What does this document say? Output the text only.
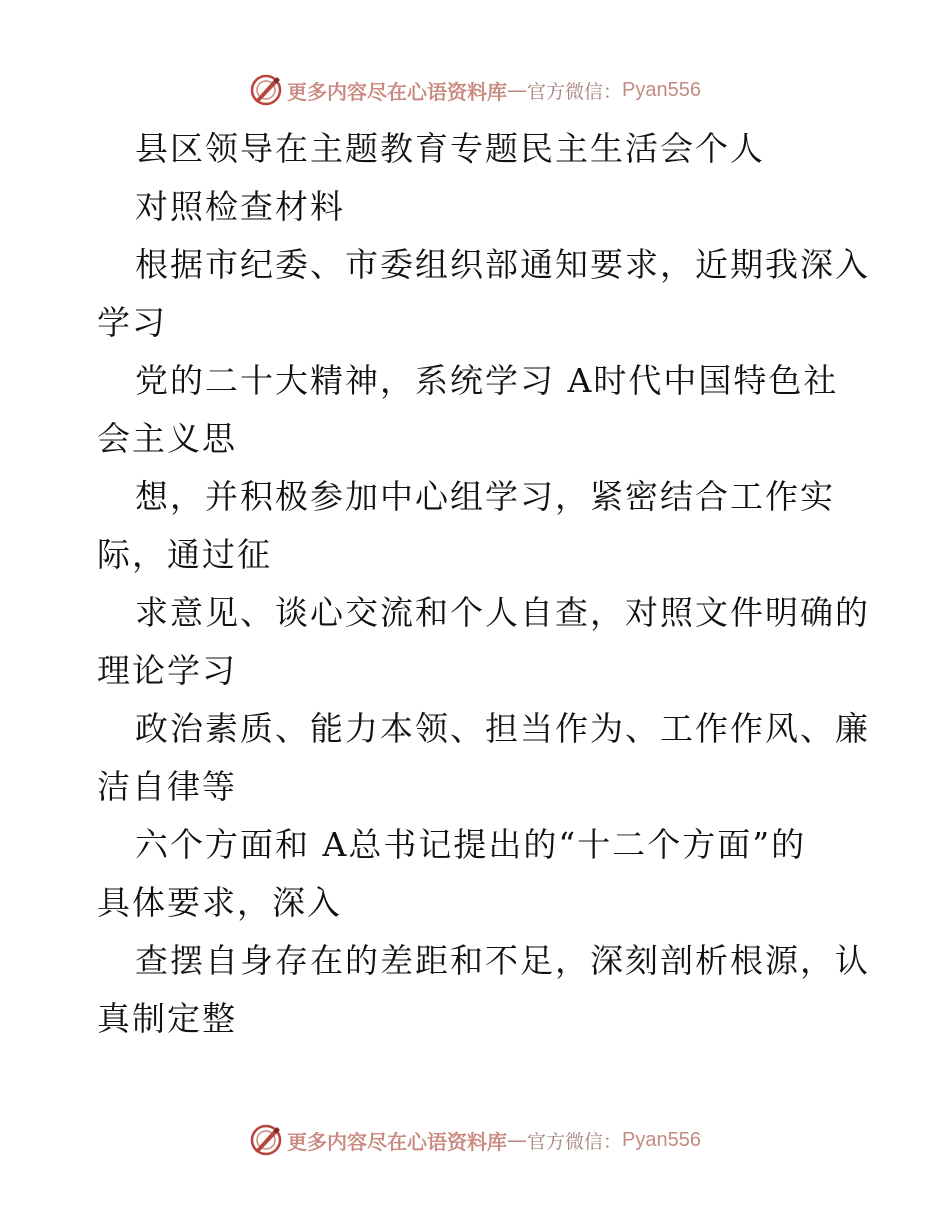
更多内容尽在心语资料库 — 官方微信： Pyan556
县区领导在主题教育专题民主生活会个人
对照检查材料
根据市纪委、市委组织部通知要求，近期我深入
学习
党的二十大精神，系统学习 A时代中国特色社
会主义思
想，并积极参加中心组学习，紧密结合工作实
际，通过征
求意见、谈心交流和个人自查，对照文件明确的
理论学习
政治素质、能力本领、担当作为、工作作风、廉
洁自律等
六个方面和 A总书记提出的“十二个方面”的
具体要求，深入
查摆自身存在的差距和不足，深刻剖析根源，认
真制定整
更多内容尽在心语资料库 — 官方微信： Pyan556
